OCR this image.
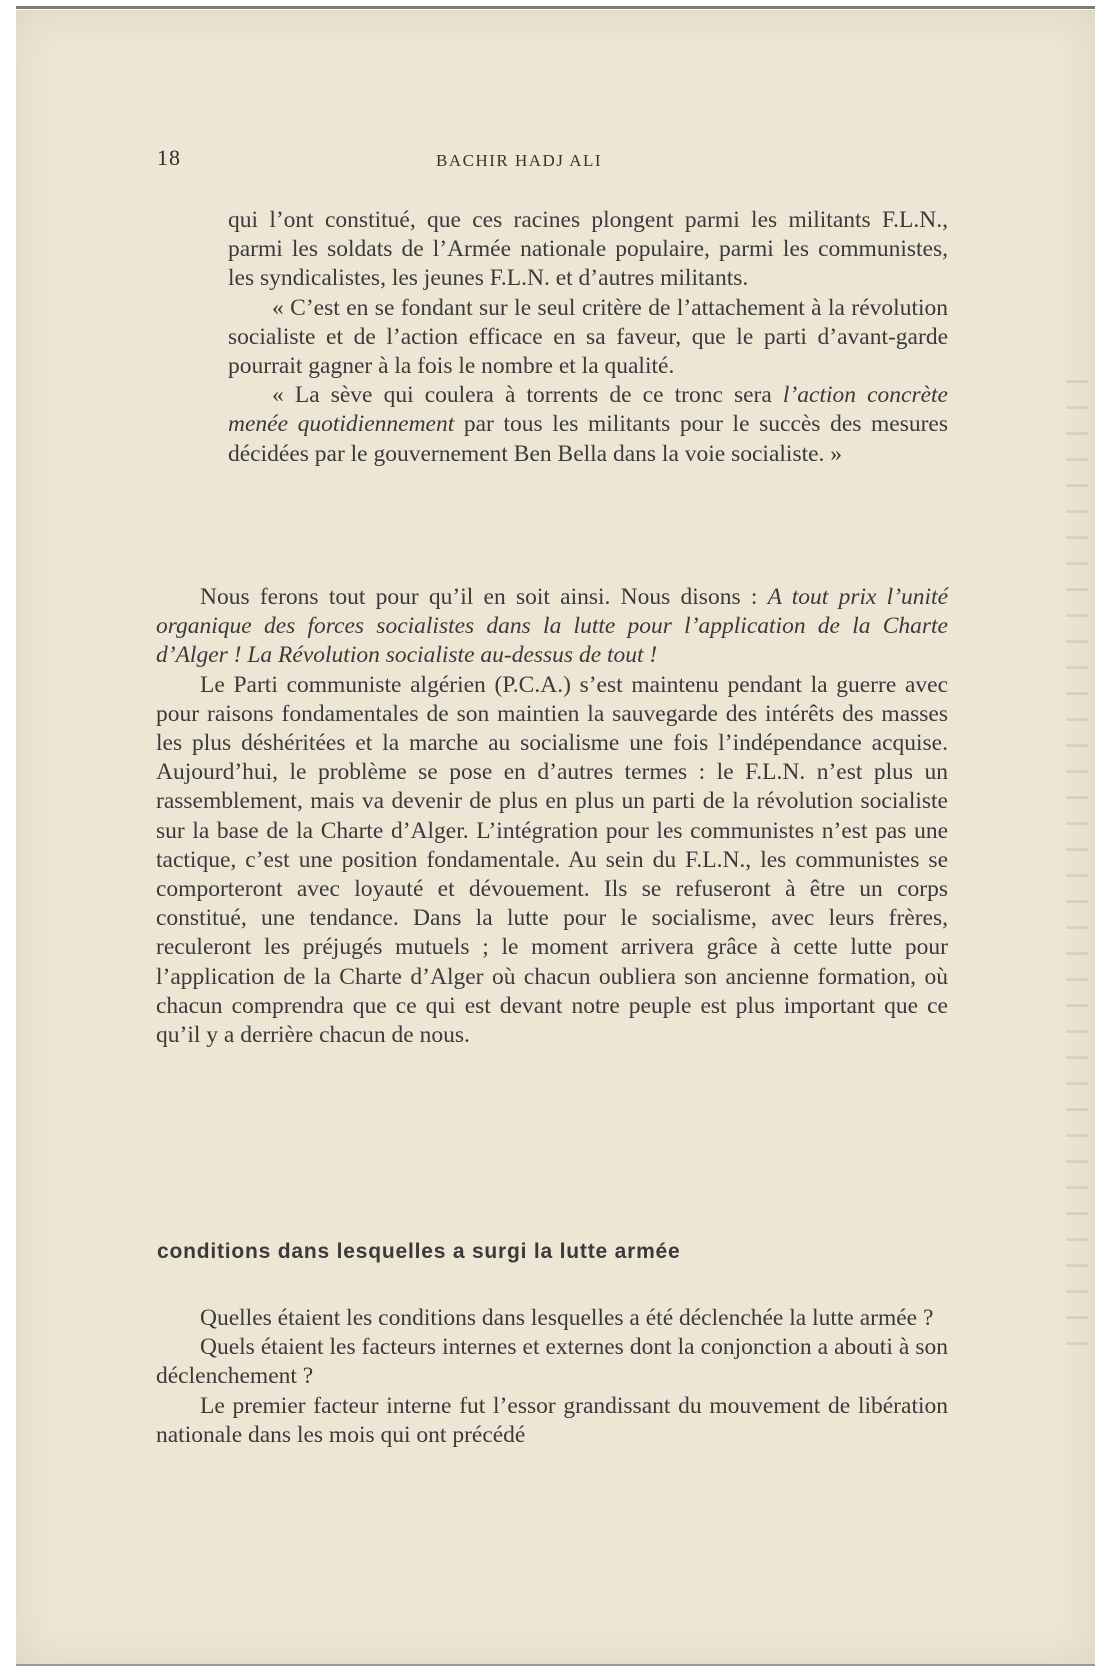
18	BACHIR HADJ ALI

qui l’ont constitué, que ces racines plongent parmi les militants F.L.N., parmi les soldats de l’Armée nationale populaire, parmi les communistes, les syndicalistes, les jeunes F.L.N. et d’autres militants.

« C’est en se fondant sur le seul critère de l’attachement à la révolution socialiste et de l’action efficace en sa faveur, que le parti d’avant-garde pourrait gagner à la fois le nombre et la qualité.

« La sève qui coulera à torrents de ce tronc sera l’action concrète menée quotidiennement par tous les militants pour le succès des mesures décidées par le gouvernement Ben Bella dans la voie socialiste. »

Nous ferons tout pour qu’il en soit ainsi. Nous disons : A tout prix l’unité organique des forces socialistes dans la lutte pour l’application de la Charte d’Alger ! La Révolution socialiste au-dessus de tout !

Le Parti communiste algérien (P.C.A.) s’est maintenu pendant la guerre avec pour raisons fondamentales de son maintien la sauvegarde des intérêts des masses les plus déshéritées et la marche au socialisme une fois l’indépendance acquise. Aujourd’hui, le problème se pose en d’autres termes : le F.L.N. n’est plus un rassemblement, mais va devenir de plus en plus un parti de la révolution socialiste sur la base de la Charte d’Alger. L’intégration pour les communistes n’est pas une tactique, c’est une position fondamentale. Au sein du F.L.N., les communistes se comporteront avec loyauté et dévouement. Ils se refuseront à être un corps constitué, une tendance. Dans la lutte pour le socialisme, avec leurs frères, reculeront les préjugés mutuels ; le moment arrivera grâce à cette lutte pour l’application de la Charte d’Alger où chacun oubliera son ancienne formation, où chacun comprendra que ce qui est devant notre peuple est plus important que ce qu’il y a derrière chacun de nous.

conditions dans lesquelles a surgi la lutte armée

Quelles étaient les conditions dans lesquelles a été déclenchée la lutte armée ?

Quels étaient les facteurs internes et externes dont la conjonction a abouti à son déclenchement ?

Le premier facteur interne fut l’essor grandissant du mouvement de libération nationale dans les mois qui ont précédé
